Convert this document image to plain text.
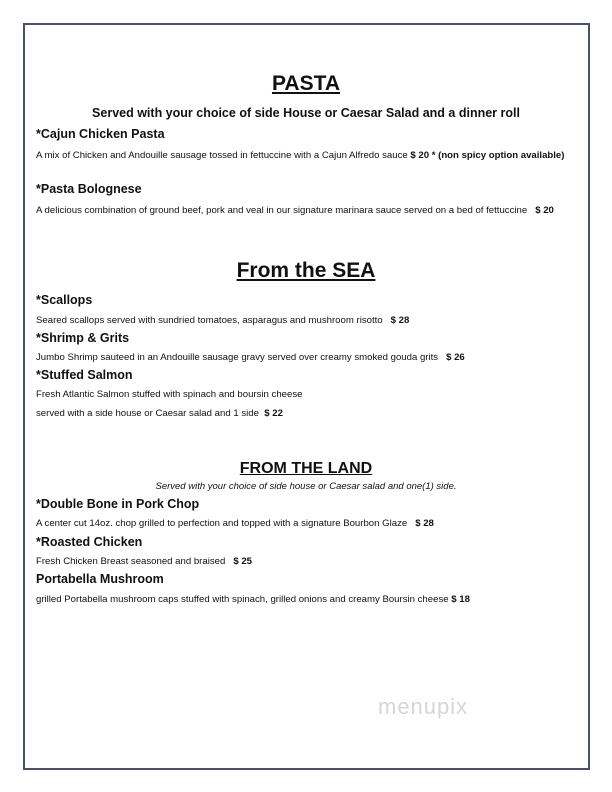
PASTA
Served with your choice of side House or Caesar Salad and a dinner roll
*Cajun Chicken Pasta
A mix of Chicken and Andouille sausage tossed in fettuccine with a Cajun Alfredo sauce $ 20 * (non spicy option available)
*Pasta Bolognese
A delicious combination of ground beef, pork and veal in our signature marinara sauce served on a bed of fettuccine $ 20
From the SEA
*Scallops
Seared scallops served with sundried tomatoes, asparagus and mushroom risotto $ 28
*Shrimp & Grits
Jumbo Shrimp sauteed in an Andouille sausage gravy served over creamy smoked gouda grits $ 26
*Stuffed Salmon
Fresh Atlantic Salmon stuffed with spinach and boursin cheese
served with a side house or Caesar salad and 1 side $ 22
FROM THE LAND
Served with your choice of side house or Caesar salad and one(1) side.
*Double Bone in Pork Chop
A center cut 14oz. chop grilled to perfection and topped with a signature Bourbon Glaze $ 28
*Roasted Chicken
Fresh Chicken Breast seasoned and braised $ 25
Portabella Mushroom
grilled Portabella mushroom caps stuffed with spinach, grilled onions and creamy Boursin cheese $ 18
menupix
